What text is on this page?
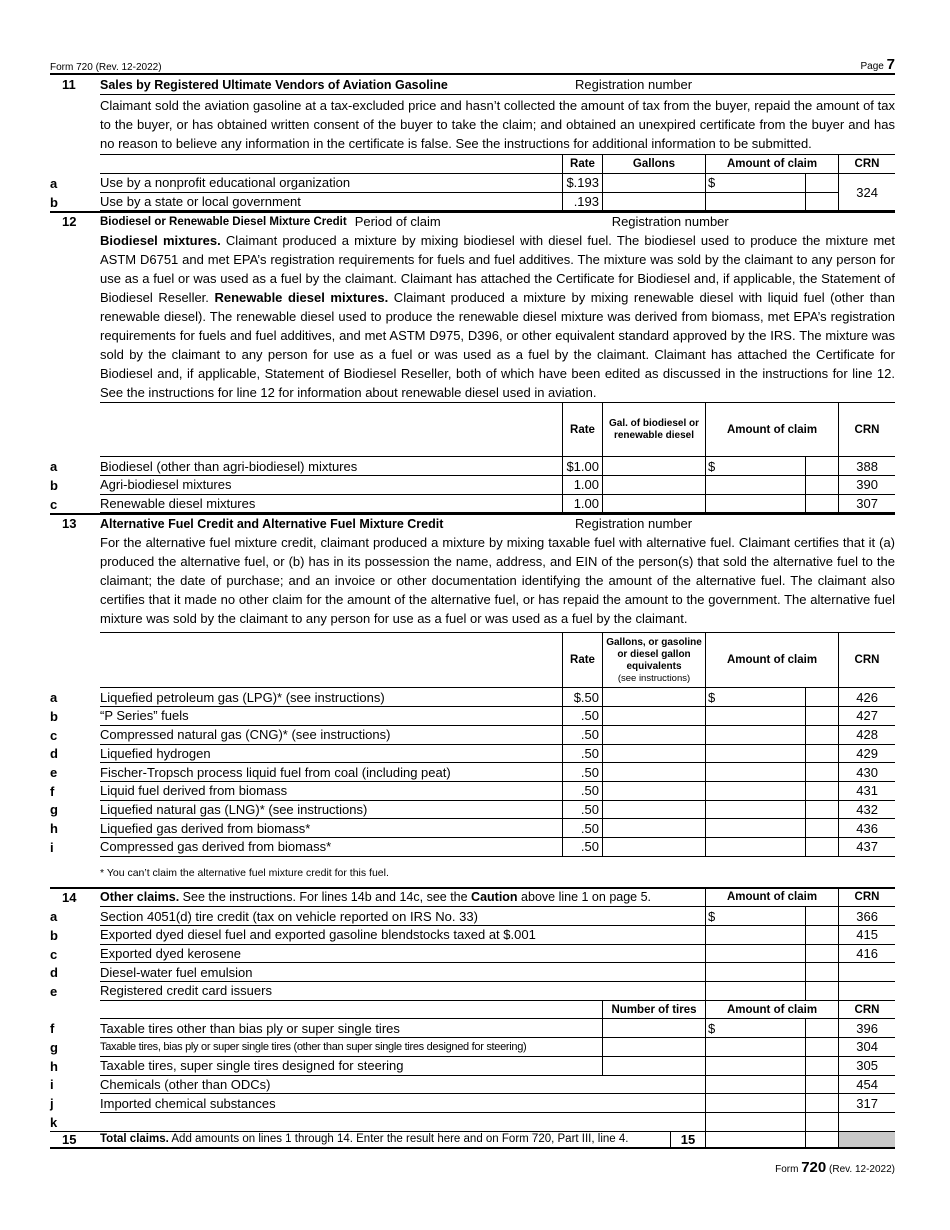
Form 720 (Rev. 12-2022)	Page 7
11	Sales by Registered Ultimate Vendors of Aviation Gasoline	Registration number
Claimant sold the aviation gasoline at a tax-excluded price and hasn’t collected the amount of tax from the buyer, repaid the amount of tax to the buyer, or has obtained written consent of the buyer to take the claim; and obtained an unexpired certificate from the buyer and has no reason to believe any information in the certificate is false. See the instructions for additional information to be submitted.
Rate	Gallons	Amount of claim	CRN
a	Use by a nonprofit educational organization	$.193	$
324
b	Use by a state or local government	.193
12	Biodiesel or Renewable Diesel Mixture Credit Period of claim	Registration number
Biodiesel mixtures. Claimant produced a mixture by mixing biodiesel with diesel fuel. The biodiesel used to produce the mixture met ASTM D6751 and met EPA’s registration requirements for fuels and fuel additives. The mixture was sold by the claimant to any person for use as a fuel or was used as a fuel by the claimant. Claimant has attached the Certificate for Biodiesel and, if applicable, the Statement of Biodiesel Reseller. Renewable diesel mixtures. Claimant produced a mixture by mixing renewable diesel with liquid fuel (other than renewable diesel). The renewable diesel used to produce the renewable diesel mixture was derived from biomass, met EPA’s registration requirements for fuels and fuel additives, and met ASTM D975, D396, or other equivalent standard approved by the IRS. The mixture was sold by the claimant to any person for use as a fuel or was used as a fuel by the claimant. Claimant has attached the Certificate for Biodiesel and, if applicable, Statement of Biodiesel Reseller, both of which have been edited as discussed in the instructions for line 12. See the instructions for line 12 for information about renewable diesel used in aviation.
Rate
Gal. of biodiesel or renewable diesel	Amount of claim	CRN
a	Biodiesel (other than agri-biodiesel) mixtures	$1.00	$	388
b	Agri-biodiesel mixtures	1.00	390
c	Renewable diesel mixtures	1.00	307
13	Alternative Fuel Credit and Alternative Fuel Mixture Credit	Registration number
For the alternative fuel mixture credit, claimant produced a mixture by mixing taxable fuel with alternative fuel. Claimant certifies that it (a) produced the alternative fuel, or (b) has in its possession the name, address, and EIN of the person(s) that sold the alternative fuel to the claimant; the date of purchase; and an invoice or other documentation identifying the amount of the alternative fuel. The claimant also certifies that it made no other claim for the amount of the alternative fuel, or has repaid the amount to the government. The alternative fuel mixture was sold by the claimant to any person for use as a fuel or was used as a fuel by the claimant.
Rate
Gallons, or gasoline or diesel gallon equivalents
(see instructions)
Amount of claim	CRN
a	Liquefied petroleum gas (LPG)* (see instructions)	$.50	$	426
b	“P Series” fuels	.50	427
c	Compressed natural gas (CNG)* (see instructions)	.50	428
d	Liquefied hydrogen	.50	429
e	Fischer-Tropsch process liquid fuel from coal (including peat)	.50	430
f	Liquid fuel derived from biomass	.50	431
g	Liquefied natural gas (LNG)* (see instructions)	.50	432
h	Liquefied gas derived from biomass*	.50	436
i	Compressed gas derived from biomass*	.50	437
* You can’t claim the alternative fuel mixture credit for this fuel.
14	Other claims. See the instructions. For lines 14b and 14c, see the Caution above line 1 on page 5.	Amount of claim	CRN
a	Section 4051(d) tire credit (tax on vehicle reported on IRS No. 33)	$	366
b	Exported dyed diesel fuel and exported gasoline blendstocks taxed at $.001	415
c	Exported dyed kerosene	416
d	Diesel-water fuel emulsion
e	Registered credit card issuers
Number of tires	Amount of claim	CRN
f	Taxable tires other than bias ply or super single tires	$	396
g	Taxable tires, bias ply or super single tires (other than super single tires designed for steering)	304
h	Taxable tires, super single tires designed for steering	305
i	Chemicals (other than ODCs)	454
j	Imported chemical substances	317
k
15	Total claims. Add amounts on lines 1 through 14. Enter the result here and on Form 720, Part III, line 4.	15
Form 720 (Rev. 12-2022)
